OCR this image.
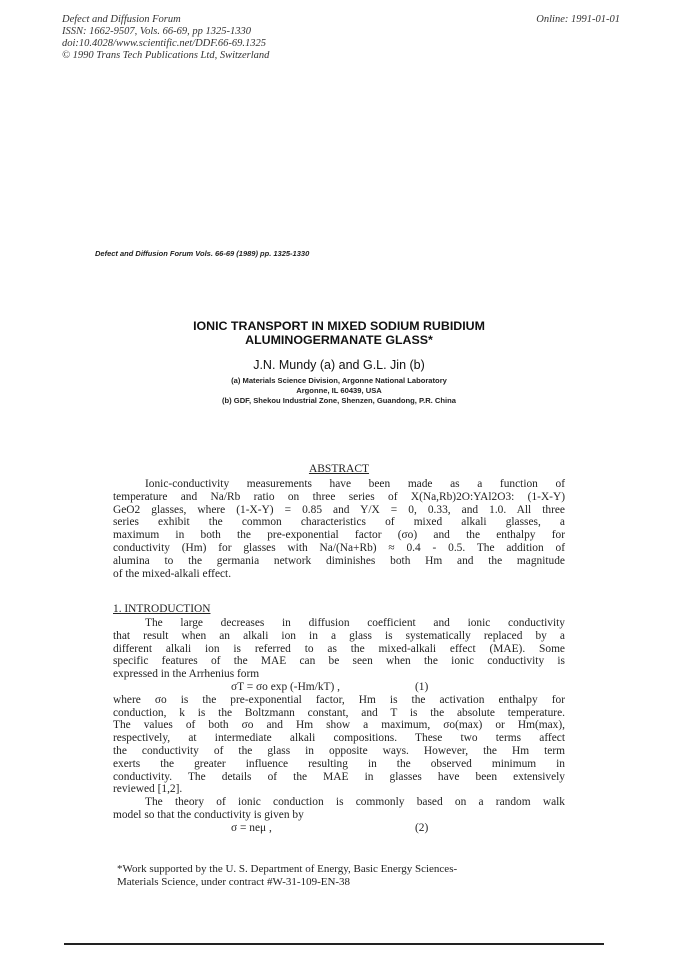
Defect and Diffusion Forum
ISSN: 1662-9507, Vols. 66-69, pp 1325-1330
doi:10.4028/www.scientific.net/DDF.66-69.1325
© 1990 Trans Tech Publications Ltd, Switzerland
Online: 1991-01-01
Defect and Diffusion Forum Vols. 66-69 (1989) pp. 1325-1330
IONIC TRANSPORT IN MIXED SODIUM RUBIDIUM
ALUMINOGERMANATE GLASS*
J.N. Mundy (a) and G.L. Jin (b)
(a) Materials Science Division, Argonne National Laboratory
Argonne, IL 60439, USA
(b) GDF, Shekou Industrial Zone, Shenzen, Guandong, P.R. China
ABSTRACT
Ionic-conductivity measurements have been made as a function of
temperature and Na/Rb ratio on three series of X(Na,Rb)2O:YAl2O3: (1-X-Y)
GeO2 glasses, where (1-X-Y) = 0.85 and Y/X = 0, 0.33, and 1.0. All three
series exhibit the common characteristics of mixed alkali glasses, a
maximum in both the pre-exponential factor (σo) and the enthalpy for
conductivity (Hm) for glasses with Na/(Na+Rb) ≈ 0.4 - 0.5. The addition of
alumina to the germania network diminishes both Hm and the magnitude
of the mixed-alkali effect.
1. INTRODUCTION
The large decreases in diffusion coefficient and ionic conductivity
that result when an alkali ion in a glass is systematically replaced by a
different alkali ion is referred to as the mixed-alkali effect (MAE). Some
specific features of the MAE can be seen when the ionic conductivity is
expressed in the Arrhenius form
σT = σo exp (-Hm/kT) ,	(1)
where σo is the pre-exponential factor, Hm is the activation enthalpy for
conduction, k is the Boltzmann constant, and T is the absolute temperature.
The values of both σo and Hm show a maximum, σo(max) or Hm(max),
respectively, at intermediate alkali compositions. These two terms affect
the conductivity of the glass in opposite ways. However, the Hm term
exerts the greater influence resulting in the observed minimum in
conductivity. The details of the MAE in glasses have been extensively
reviewed [1,2].
The theory of ionic conduction is commonly based on a random walk
model so that the conductivity is given by
σ = neμ ,	(2)
*Work supported by the U. S. Department of Energy, Basic Energy Sciences-
Materials Science, under contract #W-31-109-EN-38
